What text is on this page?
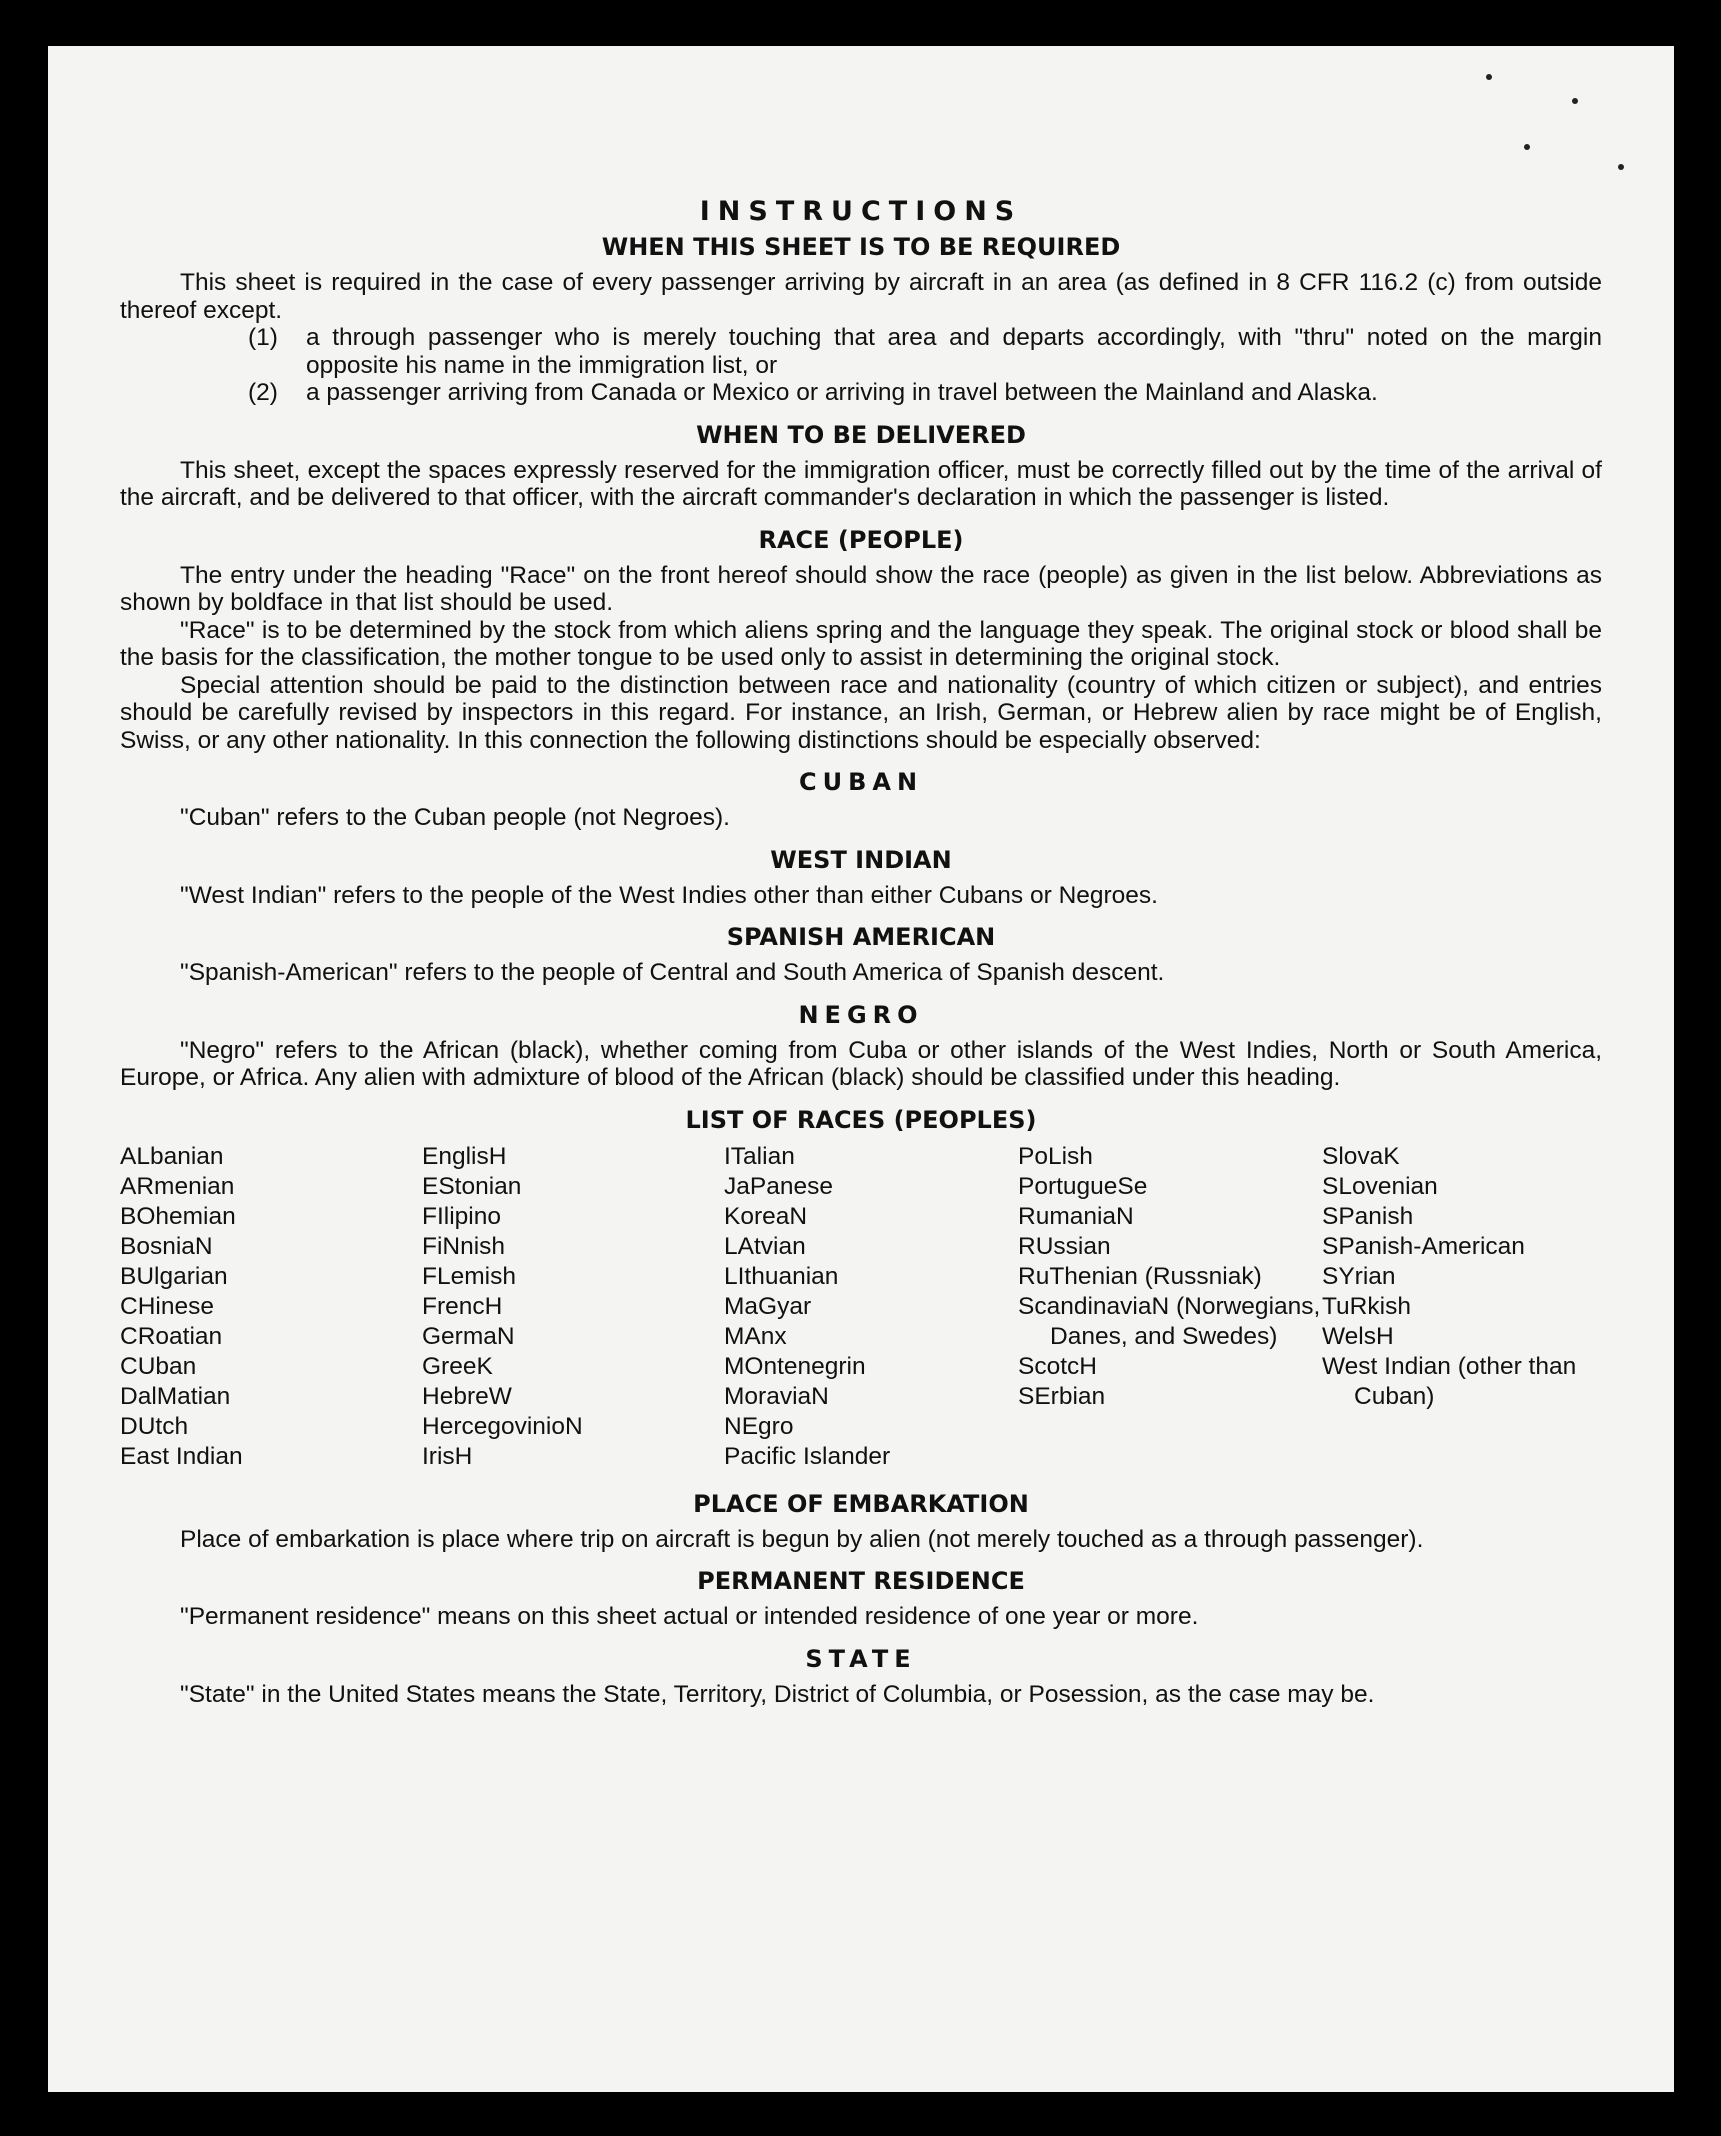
INSTRUCTIONS
WHEN THIS SHEET IS TO BE REQUIRED

This sheet is required in the case of every passenger arriving by aircraft in an area (as defined in 8 CFR 116.2 (c) from outside thereof except.

(1)	a through passenger who is merely touching that area and departs accordingly, with "thru" noted on the margin opposite his name in the immigration list, or
(2)	a passenger arriving from Canada or Mexico or arriving in travel between the Mainland and Alaska.
WHEN TO BE DELIVERED

This sheet, except the spaces expressly reserved for the immigration officer, must be correctly filled out by the time of the arrival of the aircraft, and be delivered to that officer, with the aircraft commander's declaration in which the passenger is listed.

RACE (PEOPLE)

The entry under the heading "Race" on the front hereof should show the race (people) as given in the list below. Abbreviations as shown by boldface in that list should be used.

"Race" is to be determined by the stock from which aliens spring and the language they speak. The original stock or blood shall be the basis for the classification, the mother tongue to be used only to assist in determining the original stock.

Special attention should be paid to the distinction between race and nationality (country of which citizen or subject), and entries should be carefully revised by inspectors in this regard. For instance, an Irish, German, or Hebrew alien by race might be of English, Swiss, or any other nationality. In this connection the following distinctions should be especially observed:

CUBAN

"Cuban" refers to the Cuban people (not Negroes).

WEST INDIAN

"West Indian" refers to the people of the West Indies other than either Cubans or Negroes.

SPANISH AMERICAN

"Spanish-American" refers to the people of Central and South America of Spanish descent.

NEGRO

"Negro" refers to the African (black), whether coming from Cuba or other islands of the West Indies, North or South America, Europe, or Africa. Any alien with admixture of blood of the African (black) should be classified under this heading.

LIST OF RACES (PEOPLES)
ALbanian
ARmenian
BOhemian
BosniaN
BUlgarian
CHinese
CRoatian
CUban
DalMatian
DUtch
East Indian
EnglisH
EStonian
FIlipino
FiNnish
FLemish
FrencH
GermaN
GreeK
HebreW
HercegovinioN
IrisH
ITalian
JaPanese
KoreaN
LAtvian
LIthuanian
MaGyar
MAnx
MOntenegrin
MoraviaN
NEgro
Pacific Islander
PoLish
PortugueSe
RumaniaN
RUssian
RuThenian (Russniak)
ScandinaviaN (Norwegians, Danes, and Swedes)
ScotcH
SErbian
SlovaK
SLovenian
SPanish
SPanish-American
SYrian
TuRkish
WelsH
West Indian (other than Cuban)
PLACE OF EMBARKATION

Place of embarkation is place where trip on aircraft is begun by alien (not merely touched as a through passenger).

PERMANENT RESIDENCE

"Permanent residence" means on this sheet actual or intended residence of one year or more.

STATE

"State" in the United States means the State, Territory, District of Columbia, or Posession, as the case may be.
